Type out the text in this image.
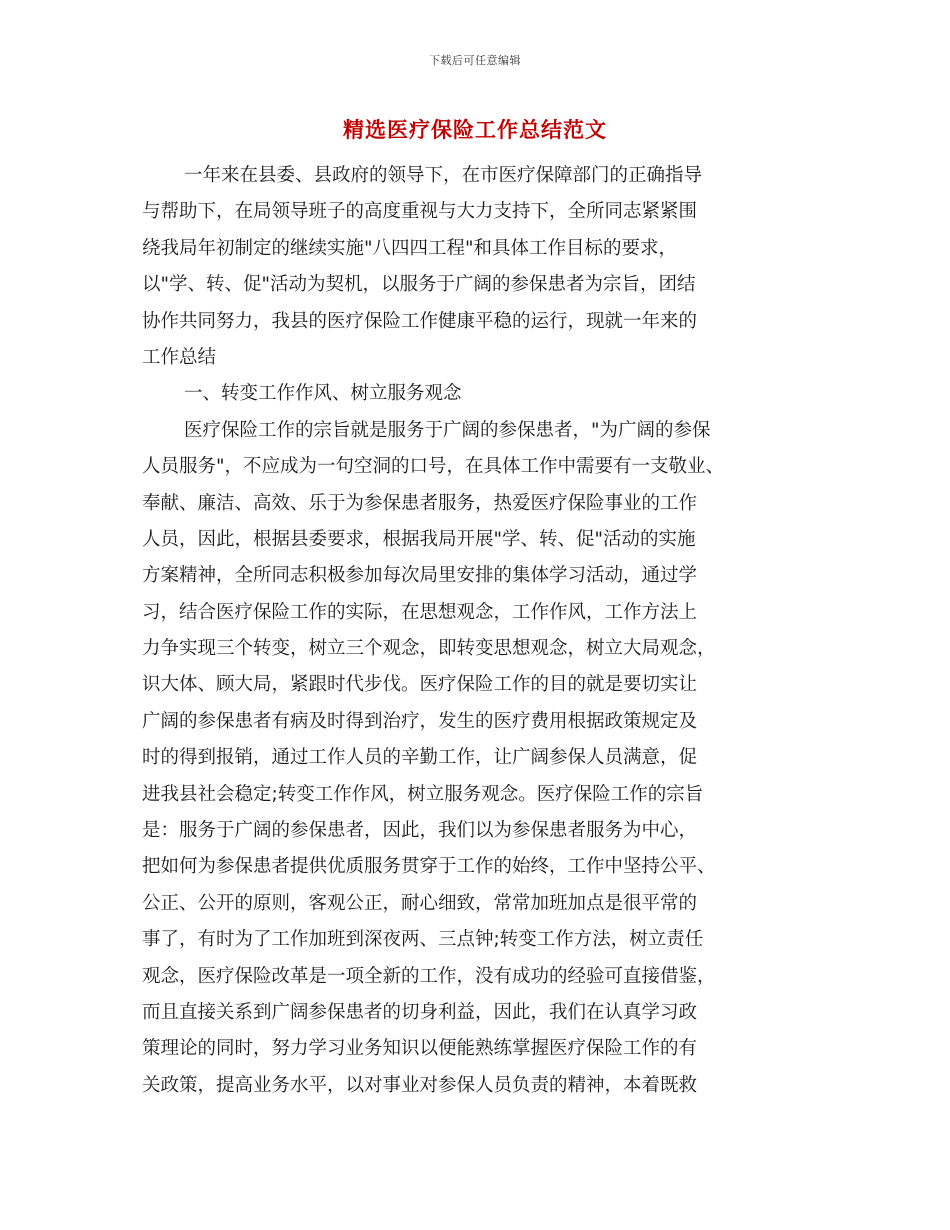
下载后可任意编辑
精选医疗保险工作总结范文
一年来在县委、县政府的领导下，在市医疗保障部门的正确指导
与帮助下，在局领导班子的高度重视与大力支持下，全所同志紧紧围
绕我局年初制定的继续实施"八四四工程"和具体工作目标的要求，
以"学、转、促"活动为契机，以服务于广阔的参保患者为宗旨，团结
协作共同努力，我县的医疗保险工作健康平稳的运行，现就一年来的
工作总结
一、转变工作作风、树立服务观念
医疗保险工作的宗旨就是服务于广阔的参保患者，"为广阔的参保
人员服务"，不应成为一句空洞的口号，在具体工作中需要有一支敬业、
奉献、廉洁、高效、乐于为参保患者服务，热爱医疗保险事业的工作
人员，因此，根据县委要求，根据我局开展"学、转、促"活动的实施
方案精神，全所同志积极参加每次局里安排的集体学习活动，通过学
习，结合医疗保险工作的实际，在思想观念，工作作风，工作方法上
力争实现三个转变，树立三个观念，即转变思想观念，树立大局观念，
识大体、顾大局，紧跟时代步伐。医疗保险工作的目的就是要切实让
广阔的参保患者有病及时得到治疗，发生的医疗费用根据政策规定及
时的得到报销，通过工作人员的辛勤工作，让广阔参保人员满意，促
进我县社会稳定;转变工作作风，树立服务观念。医疗保险工作的宗旨
是：服务于广阔的参保患者，因此，我们以为参保患者服务为中心，
把如何为参保患者提供优质服务贯穿于工作的始终，工作中坚持公平、
公正、公开的原则，客观公正，耐心细致，常常加班加点是很平常的
事了，有时为了工作加班到深夜两、三点钟;转变工作方法，树立责任
观念，医疗保险改革是一项全新的工作，没有成功的经验可直接借鉴，
而且直接关系到广阔参保患者的切身利益，因此，我们在认真学习政
策理论的同时，努力学习业务知识以便能熟练掌握医疗保险工作的有
关政策，提高业务水平，以对事业对参保人员负责的精神，本着既救
